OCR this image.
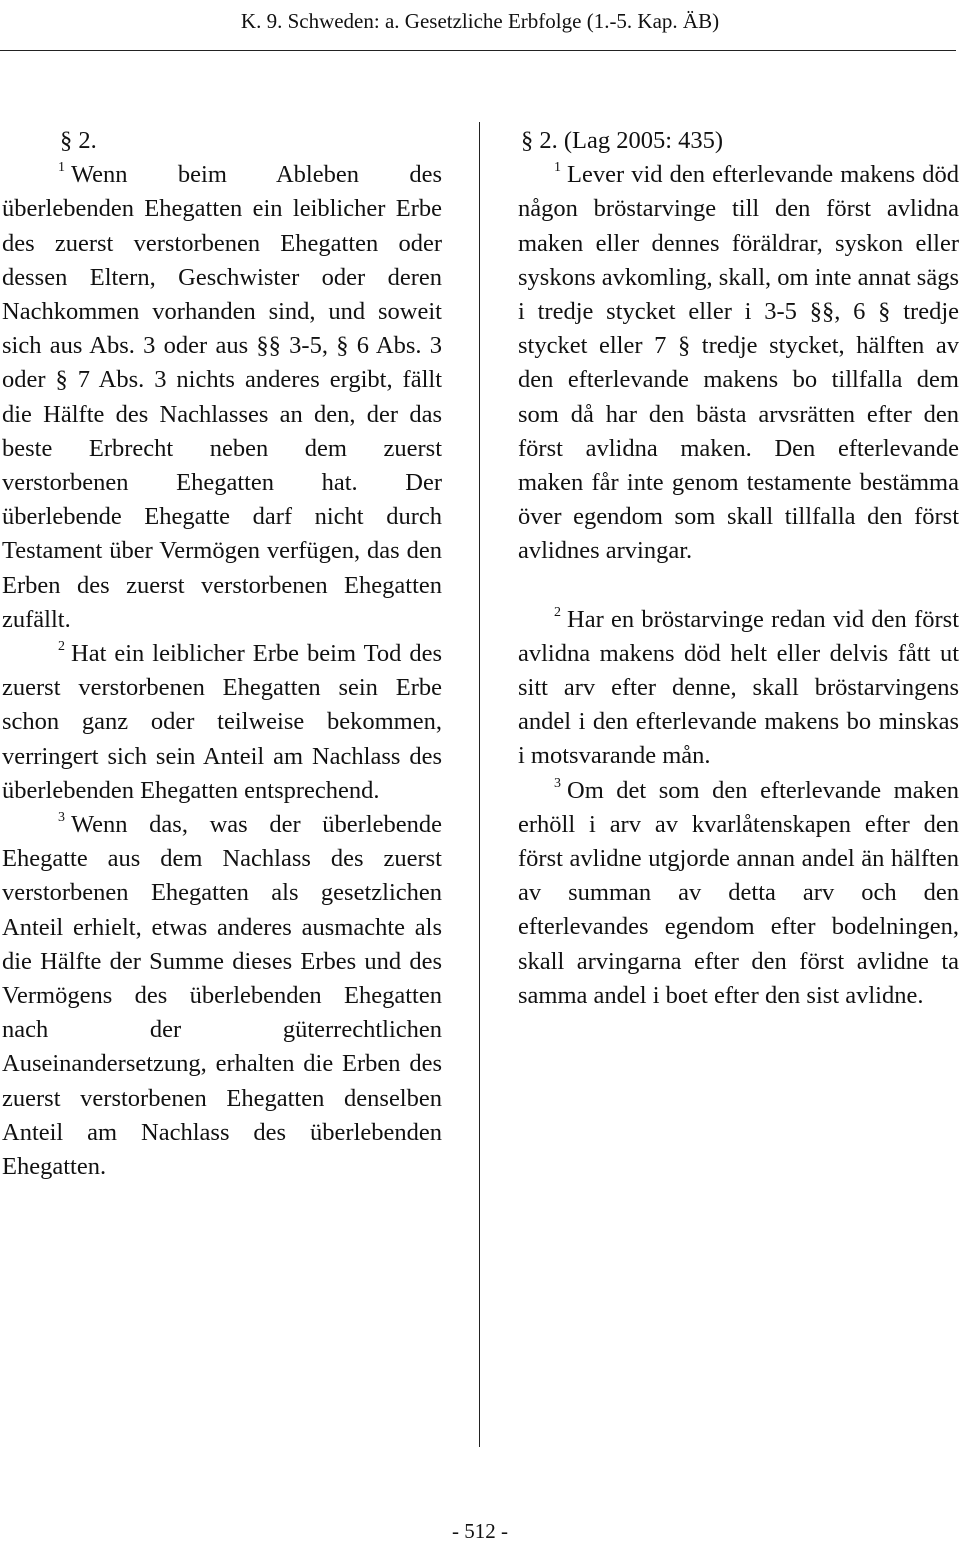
K. 9. Schweden: a. Gesetzliche Erbfolge (1.-5. Kap. ÄB)

§ 2.

$^1$ Wenn beim Ableben des überlebenden Ehegatten ein leiblicher Erbe des zuerst verstorbenen Ehegatten oder dessen Eltern, Geschwister oder deren Nachkommen vorhanden sind, und soweit sich aus Abs. 3 oder aus §§ 3-5, § 6 Abs. 3 oder § 7 Abs. 3 nichts anderes ergibt, fällt die Hälfte des Nachlasses an den, der das beste Erbrecht neben dem zuerst verstorbenen Ehegatten hat. Der überlebende Ehegatte darf nicht durch Testament über Vermögen verfügen, das den Erben des zuerst verstorbenen Ehegatten zufällt.

$^2$ Hat ein leiblicher Erbe beim Tod des zuerst verstorbenen Ehegatten sein Erbe schon ganz oder teilweise bekommen, verringert sich sein Anteil am Nachlass des überlebenden Ehegatten entsprechend.

$^3$ Wenn das, was der überlebende Ehegatte aus dem Nachlass des zuerst verstorbenen Ehegatten als gesetzlichen Anteil erhielt, etwas anderes ausmachte als die Hälfte der Summe dieses Erbes und des Vermögens des überlebenden Ehegatten nach der güterrechtlichen Auseinandersetzung, erhalten die Erben des zuerst verstorbenen Ehegatten denselben Anteil am Nachlass des überlebenden Ehegatten.

§ 2. (Lag 2005: 435)

$^1$ Lever vid den efterlevande makens död någon bröstarvinge till den först avlidna maken eller dennes föräldrar, syskon eller syskons avkomling, skall, om inte annat sägs i tredje stycket eller i 3-5 §§, 6 § tredje stycket eller 7 § tredje stycket, hälften av den efterlevande makens bo tillfalla dem som då har den bästa arvsrätten efter den först avlidna maken. Den efterlevande maken får inte genom testamente bestämma över egendom som skall tillfalla den först avlidnes arvingar.

$^2$ Har en bröstarvinge redan vid den först avlidna makens död helt eller delvis fått ut sitt arv efter denne, skall bröstarvingens andel i den efterlevande makens bo minskas i motsvarande mån.

$^3$ Om det som den efterlevande maken erhöll i arv av kvarlåtenskapen efter den först avlidne utgjorde annan andel än hälften av summan av detta arv och den efterlevandes egendom efter bodelningen, skall arvingarna efter den först avlidne ta samma andel i boet efter den sist avlidne.

- 512 -
